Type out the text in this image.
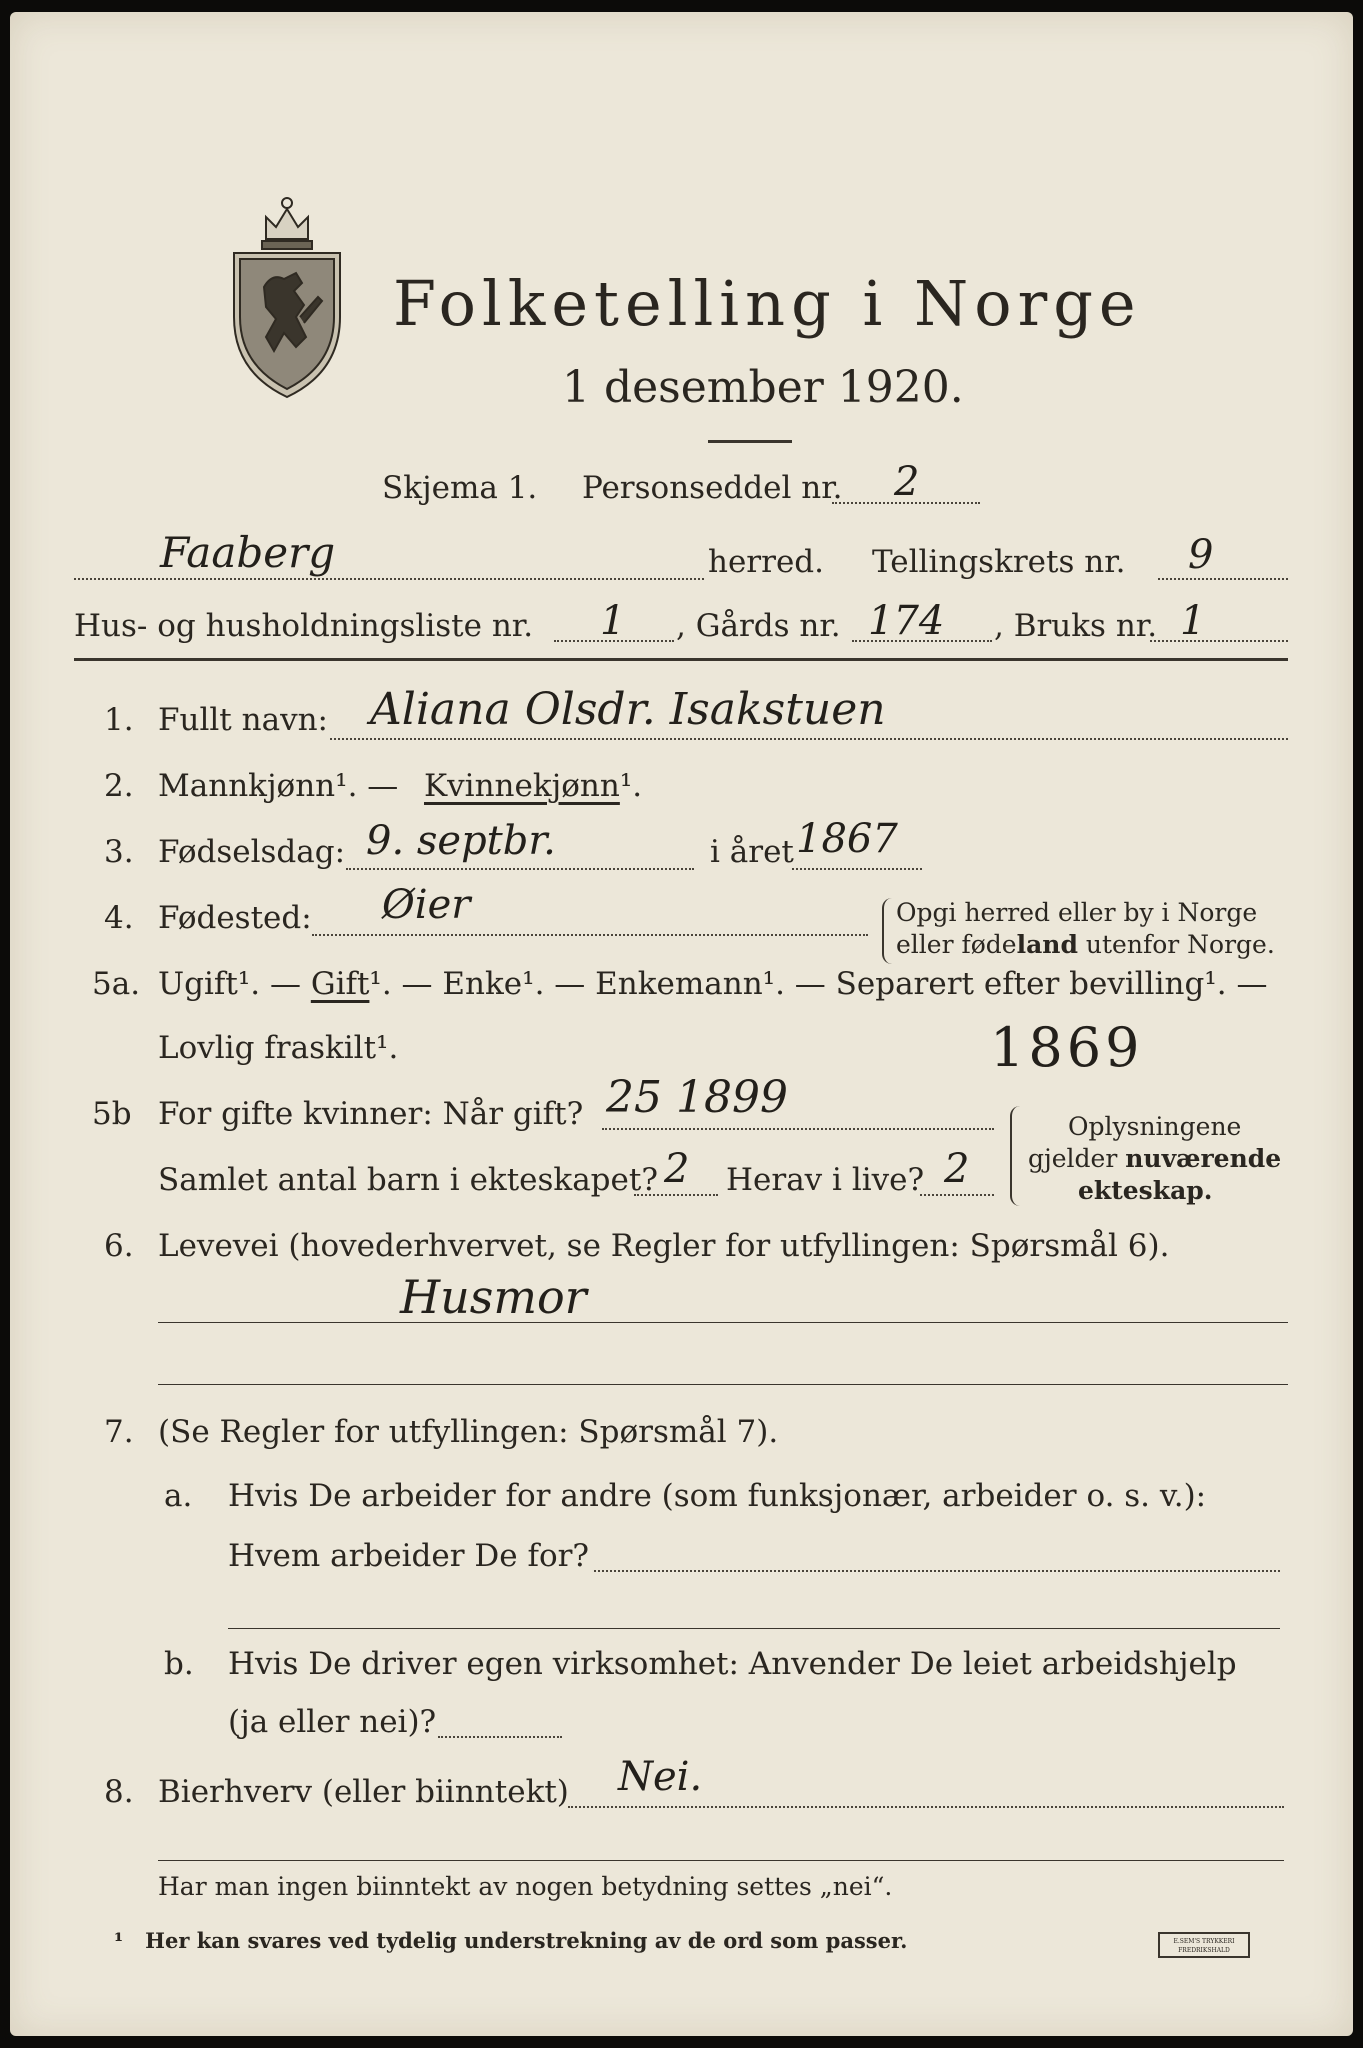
Folketelling i Norge
1 desember 1920.
Skjema 1. Personseddel nr. 2
Faaberg	herred. Tellingskrets nr. 9
Hus- og husholdningsliste nr. 1 , Gårds nr. 174 , Bruks nr. 1
1. Fullt navn: Aliana Olsdr. Isakstuen
2. Mannkjønn¹. — Kvinnekjønn¹.
3. Fødselsdag: 9. septbr.	i året 1867
4. Fødested: Øier	Opgi herred eller by i Norge
eller fødeland utenfor Norge.
5a. Ugift¹. — Gift¹. — Enke¹. — Enkemann¹. — Separert efter bevilling¹. —
Lovlig fraskilt¹.	1869
5b For gifte kvinner: Når gift? 25 1899
Samlet antal barn i ekteskapet? 2 Herav i live? 2
Oplysningene
gjelder nuværende
ekteskap.
6. Levevei (hovederhvervet, se Regler for utfyllingen: Spørsmål 6).
Husmor
7. (Se Regler for utfyllingen: Spørsmål 7).
a. Hvis De arbeider for andre (som funksjonær, arbeider o. s. v.):
Hvem arbeider De for?
b. Hvis De driver egen virksomhet: Anvender De leiet arbeidshjelp
(ja eller nei)?
8. Bierhverv (eller biinntekt) Nei.
Har man ingen biinntekt av nogen betydning settes „nei“.
¹ Her kan svares ved tydelig understrekning av de ord som passer.	E.SEM'S TRYKKERI
FREDRIKSHALD
